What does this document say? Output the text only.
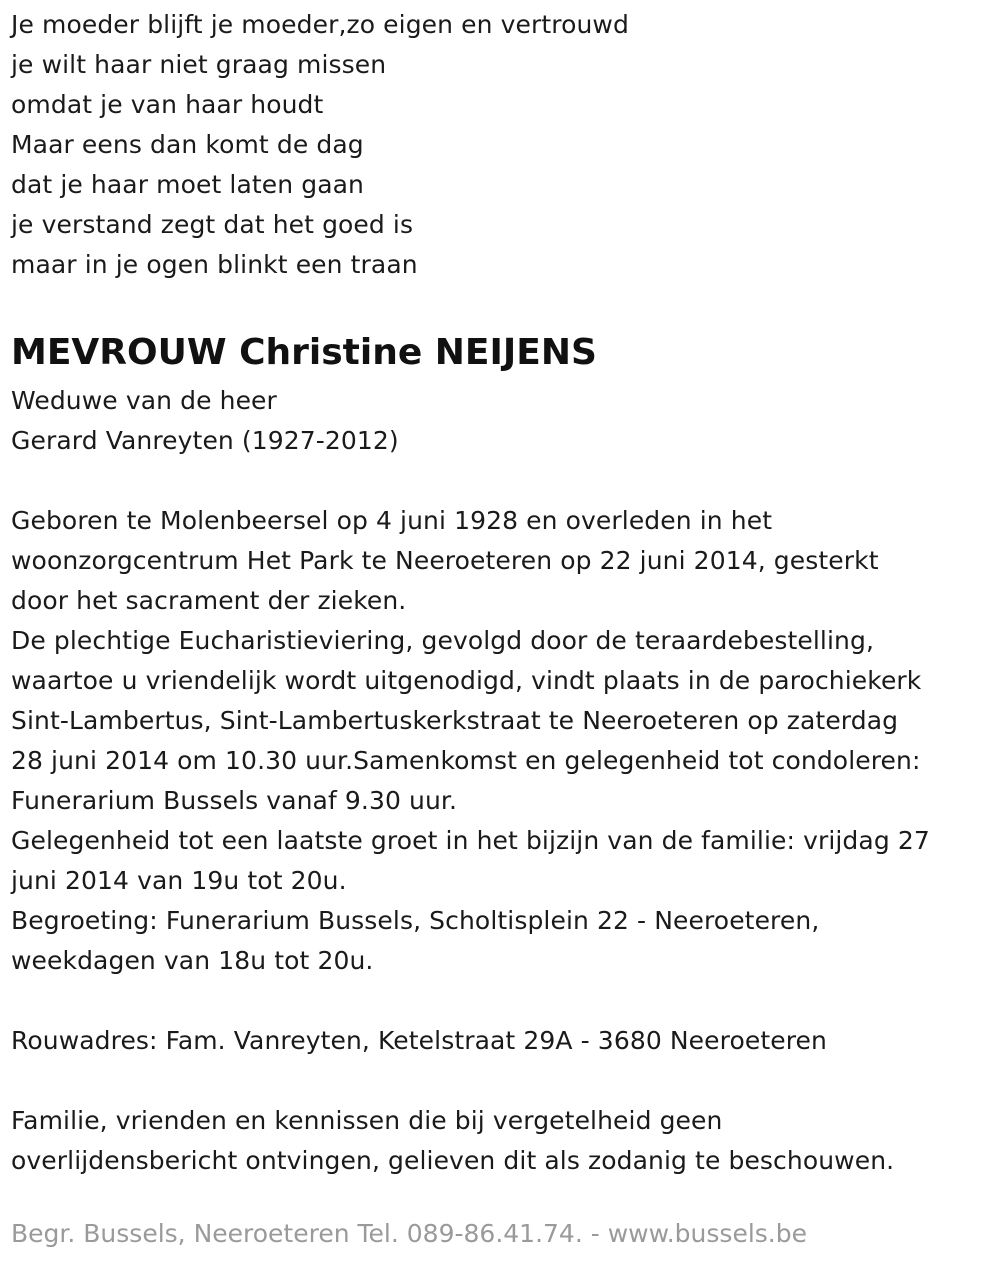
Je moeder blijft je moeder,zo eigen en vertrouwd
je wilt haar niet graag missen
omdat je van haar houdt
Maar eens dan komt de dag
dat je haar moet laten gaan
je verstand zegt dat het goed is
maar in je ogen blinkt een traan
MEVROUW Christine NEIJENS
Weduwe van de heer
Gerard Vanreyten (1927-2012)
Geboren te Molenbeersel op 4 juni 1928 en overleden in het
woonzorgcentrum Het Park te Neeroeteren op 22 juni 2014, gesterkt
door het sacrament der zieken.
De plechtige Eucharistieviering, gevolgd door de teraardebestelling,
waartoe u vriendelijk wordt uitgenodigd, vindt plaats in de parochiekerk
Sint-Lambertus, Sint-Lambertuskerkstraat te Neeroeteren op zaterdag
28 juni 2014 om 10.30 uur.Samenkomst en gelegenheid tot condoleren:
Funerarium Bussels vanaf 9.30 uur.
Gelegenheid tot een laatste groet in het bijzijn van de familie: vrijdag 27
juni 2014 van 19u tot 20u.
Begroeting: Funerarium Bussels, Scholtisplein 22 - Neeroeteren,
weekdagen van 18u tot 20u.
Rouwadres: Fam. Vanreyten, Ketelstraat 29A - 3680 Neeroeteren
Familie, vrienden en kennissen die bij vergetelheid geen
overlijdensbericht ontvingen, gelieven dit als zodanig te beschouwen.
Begr. Bussels, Neeroeteren Tel. 089-86.41.74. - www.bussels.be
